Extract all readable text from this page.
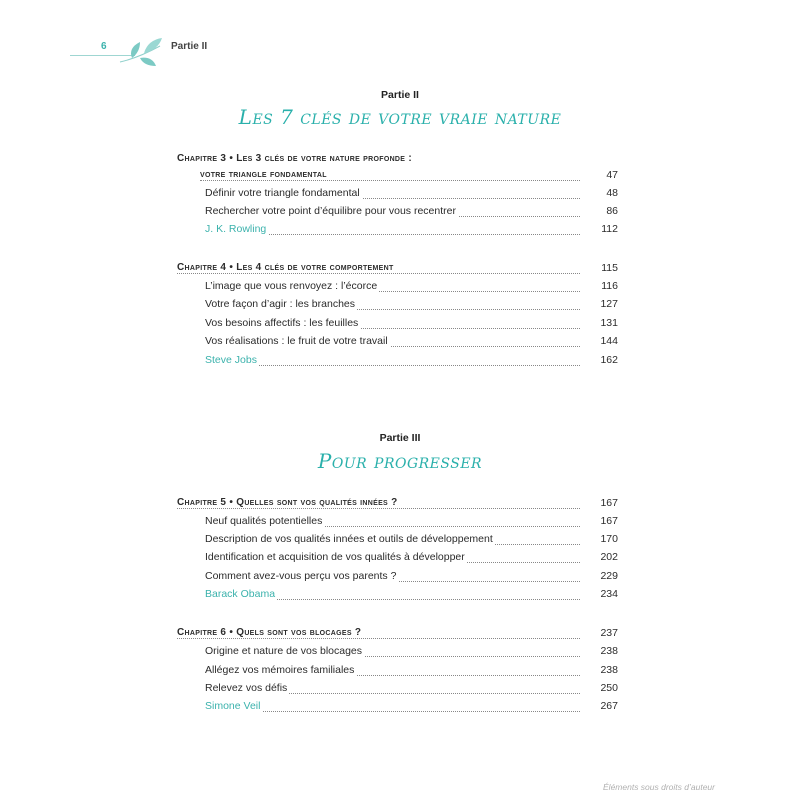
6	Partie II
Partie II
Les 7 clés de votre vraie nature
Chapitre 3 • Les 3 clés de votre nature profonde :
votre triangle fondamental	47
Définir votre triangle fondamental	48
Rechercher votre point d’équilibre pour vous recentrer	86
J. K. Rowling	112
Chapitre 4 • Les 4 clés de votre comportement	115
L’image que vous renvoyez : l’écorce	116
Votre façon d’agir : les branches	127
Vos besoins affectifs : les feuilles	131
Vos réalisations : le fruit de votre travail	144
Steve Jobs	162
Partie III
Pour progresser
Chapitre 5 • Quelles sont vos qualités innées ?	167
Neuf qualités potentielles	167
Description de vos qualités innées et outils de développement	170
Identification et acquisition de vos qualités à développer	202
Comment avez-vous perçu vos parents ?	229
Barack Obama	234
Chapitre 6 • Quels sont vos blocages ?	237
Origine et nature de vos blocages	238
Allégez vos mémoires familiales	238
Relevez vos défis	250
Simone Veil	267
Éléments sous droits d’auteur
